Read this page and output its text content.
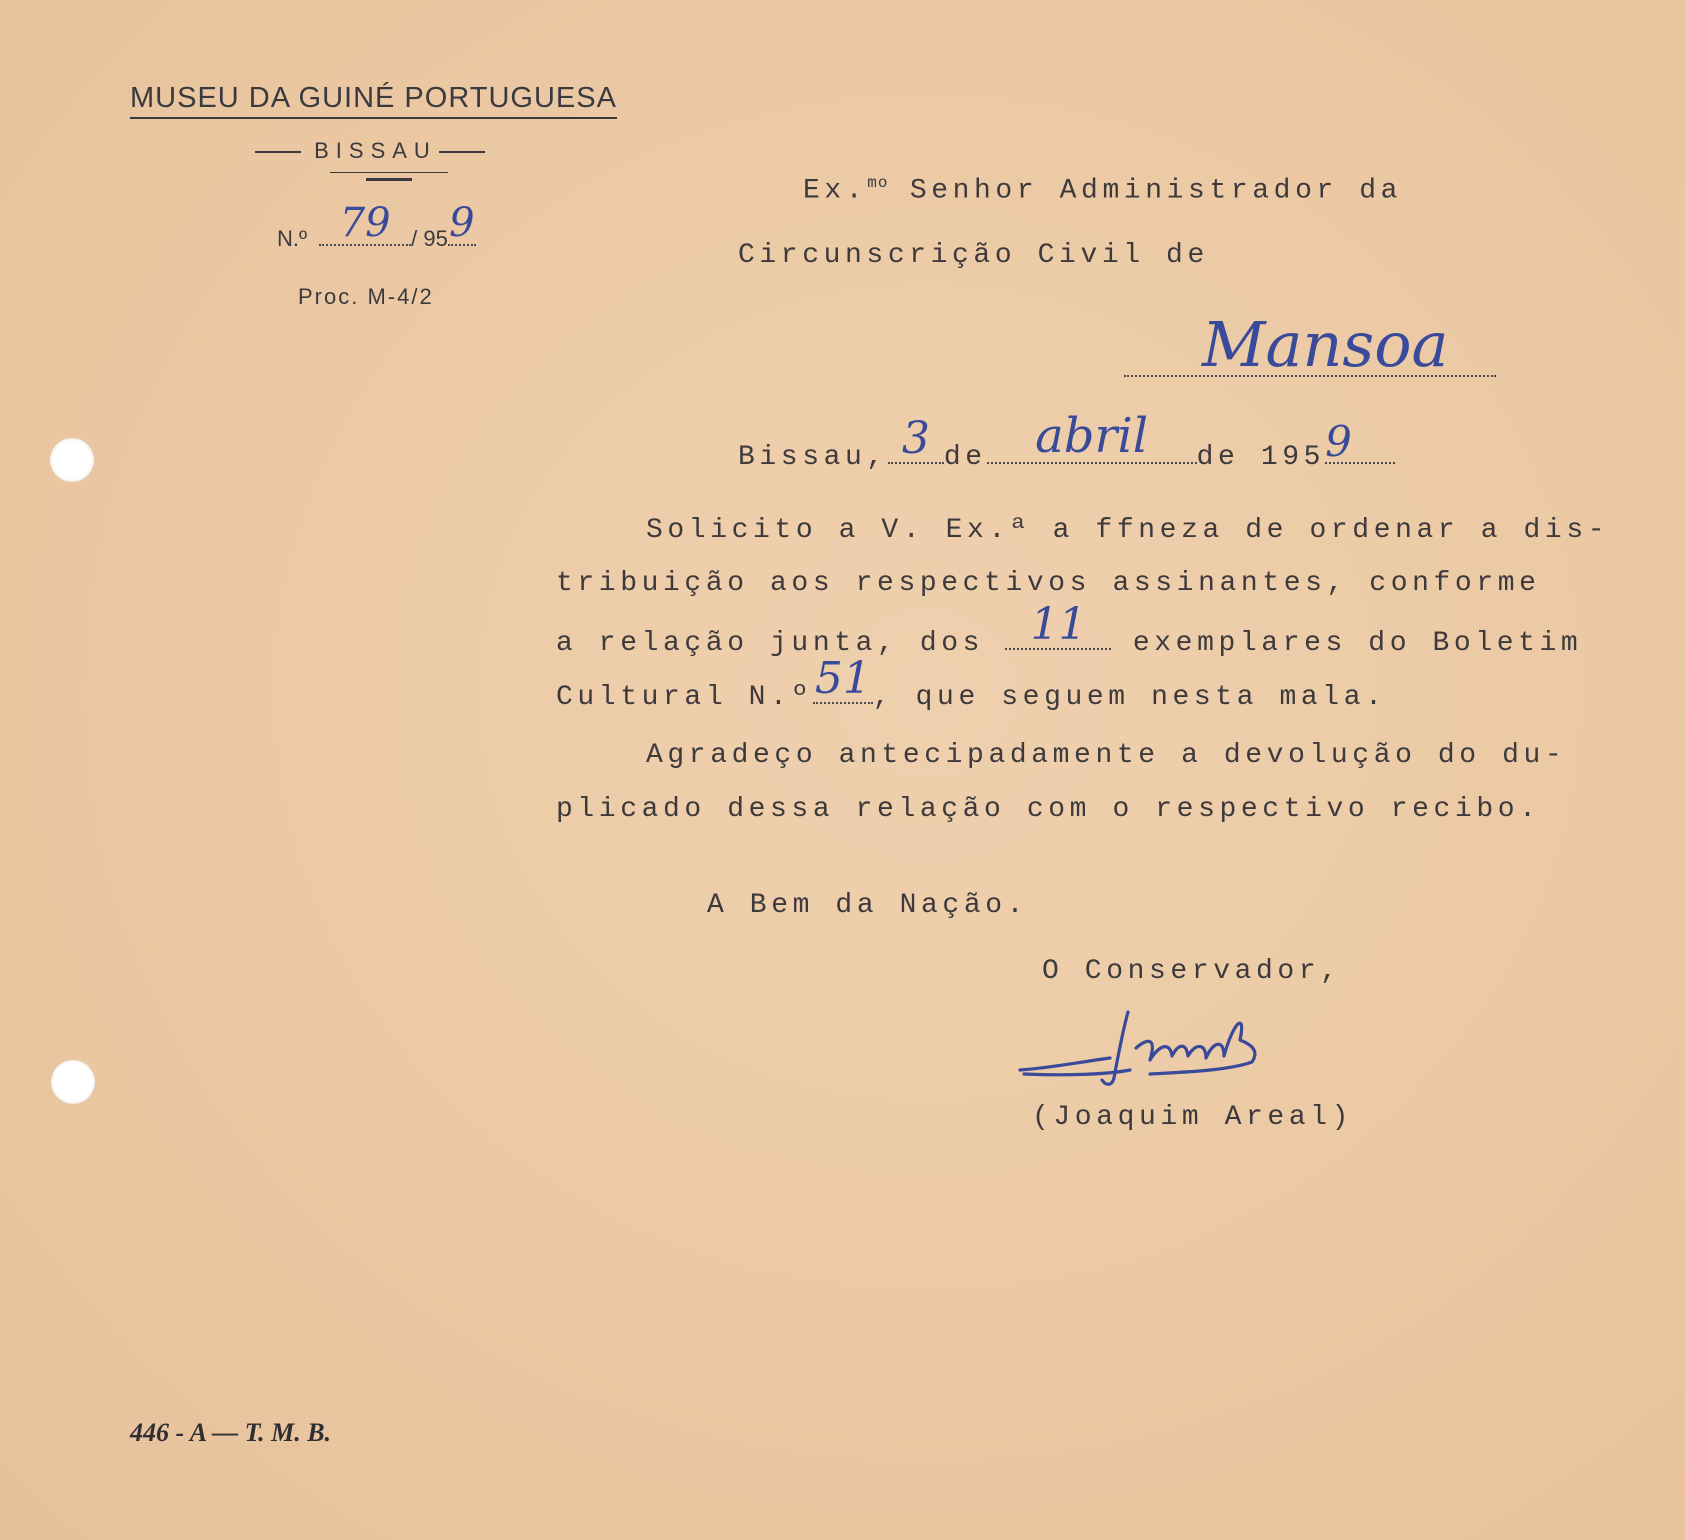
MUSEU DA GUINÉ PORTUGUESA
BISSAU
N.º 79 / 95 9
Proc. M-4/2
Ex.$^{mo}$ Senhor Administrador da
Circunscrição Civil de
Mansoa
Bissau, 3 de	abril	de 195 9
Solicito a V. Ex.ª a ffneza de ordenar a dis-
tribuição aos respectivos assinantes, conforme
a relação junta, dos	11	exemplares do Boletim
Cultural N.º 51 , que seguem nesta mala.
Agradeço antecipadamente a devolução do du-
plicado dessa relação com o respectivo recibo.
A Bem da Nação.
O Conservador,
(Joaquim Areal)
446 - A — T. M. B.
